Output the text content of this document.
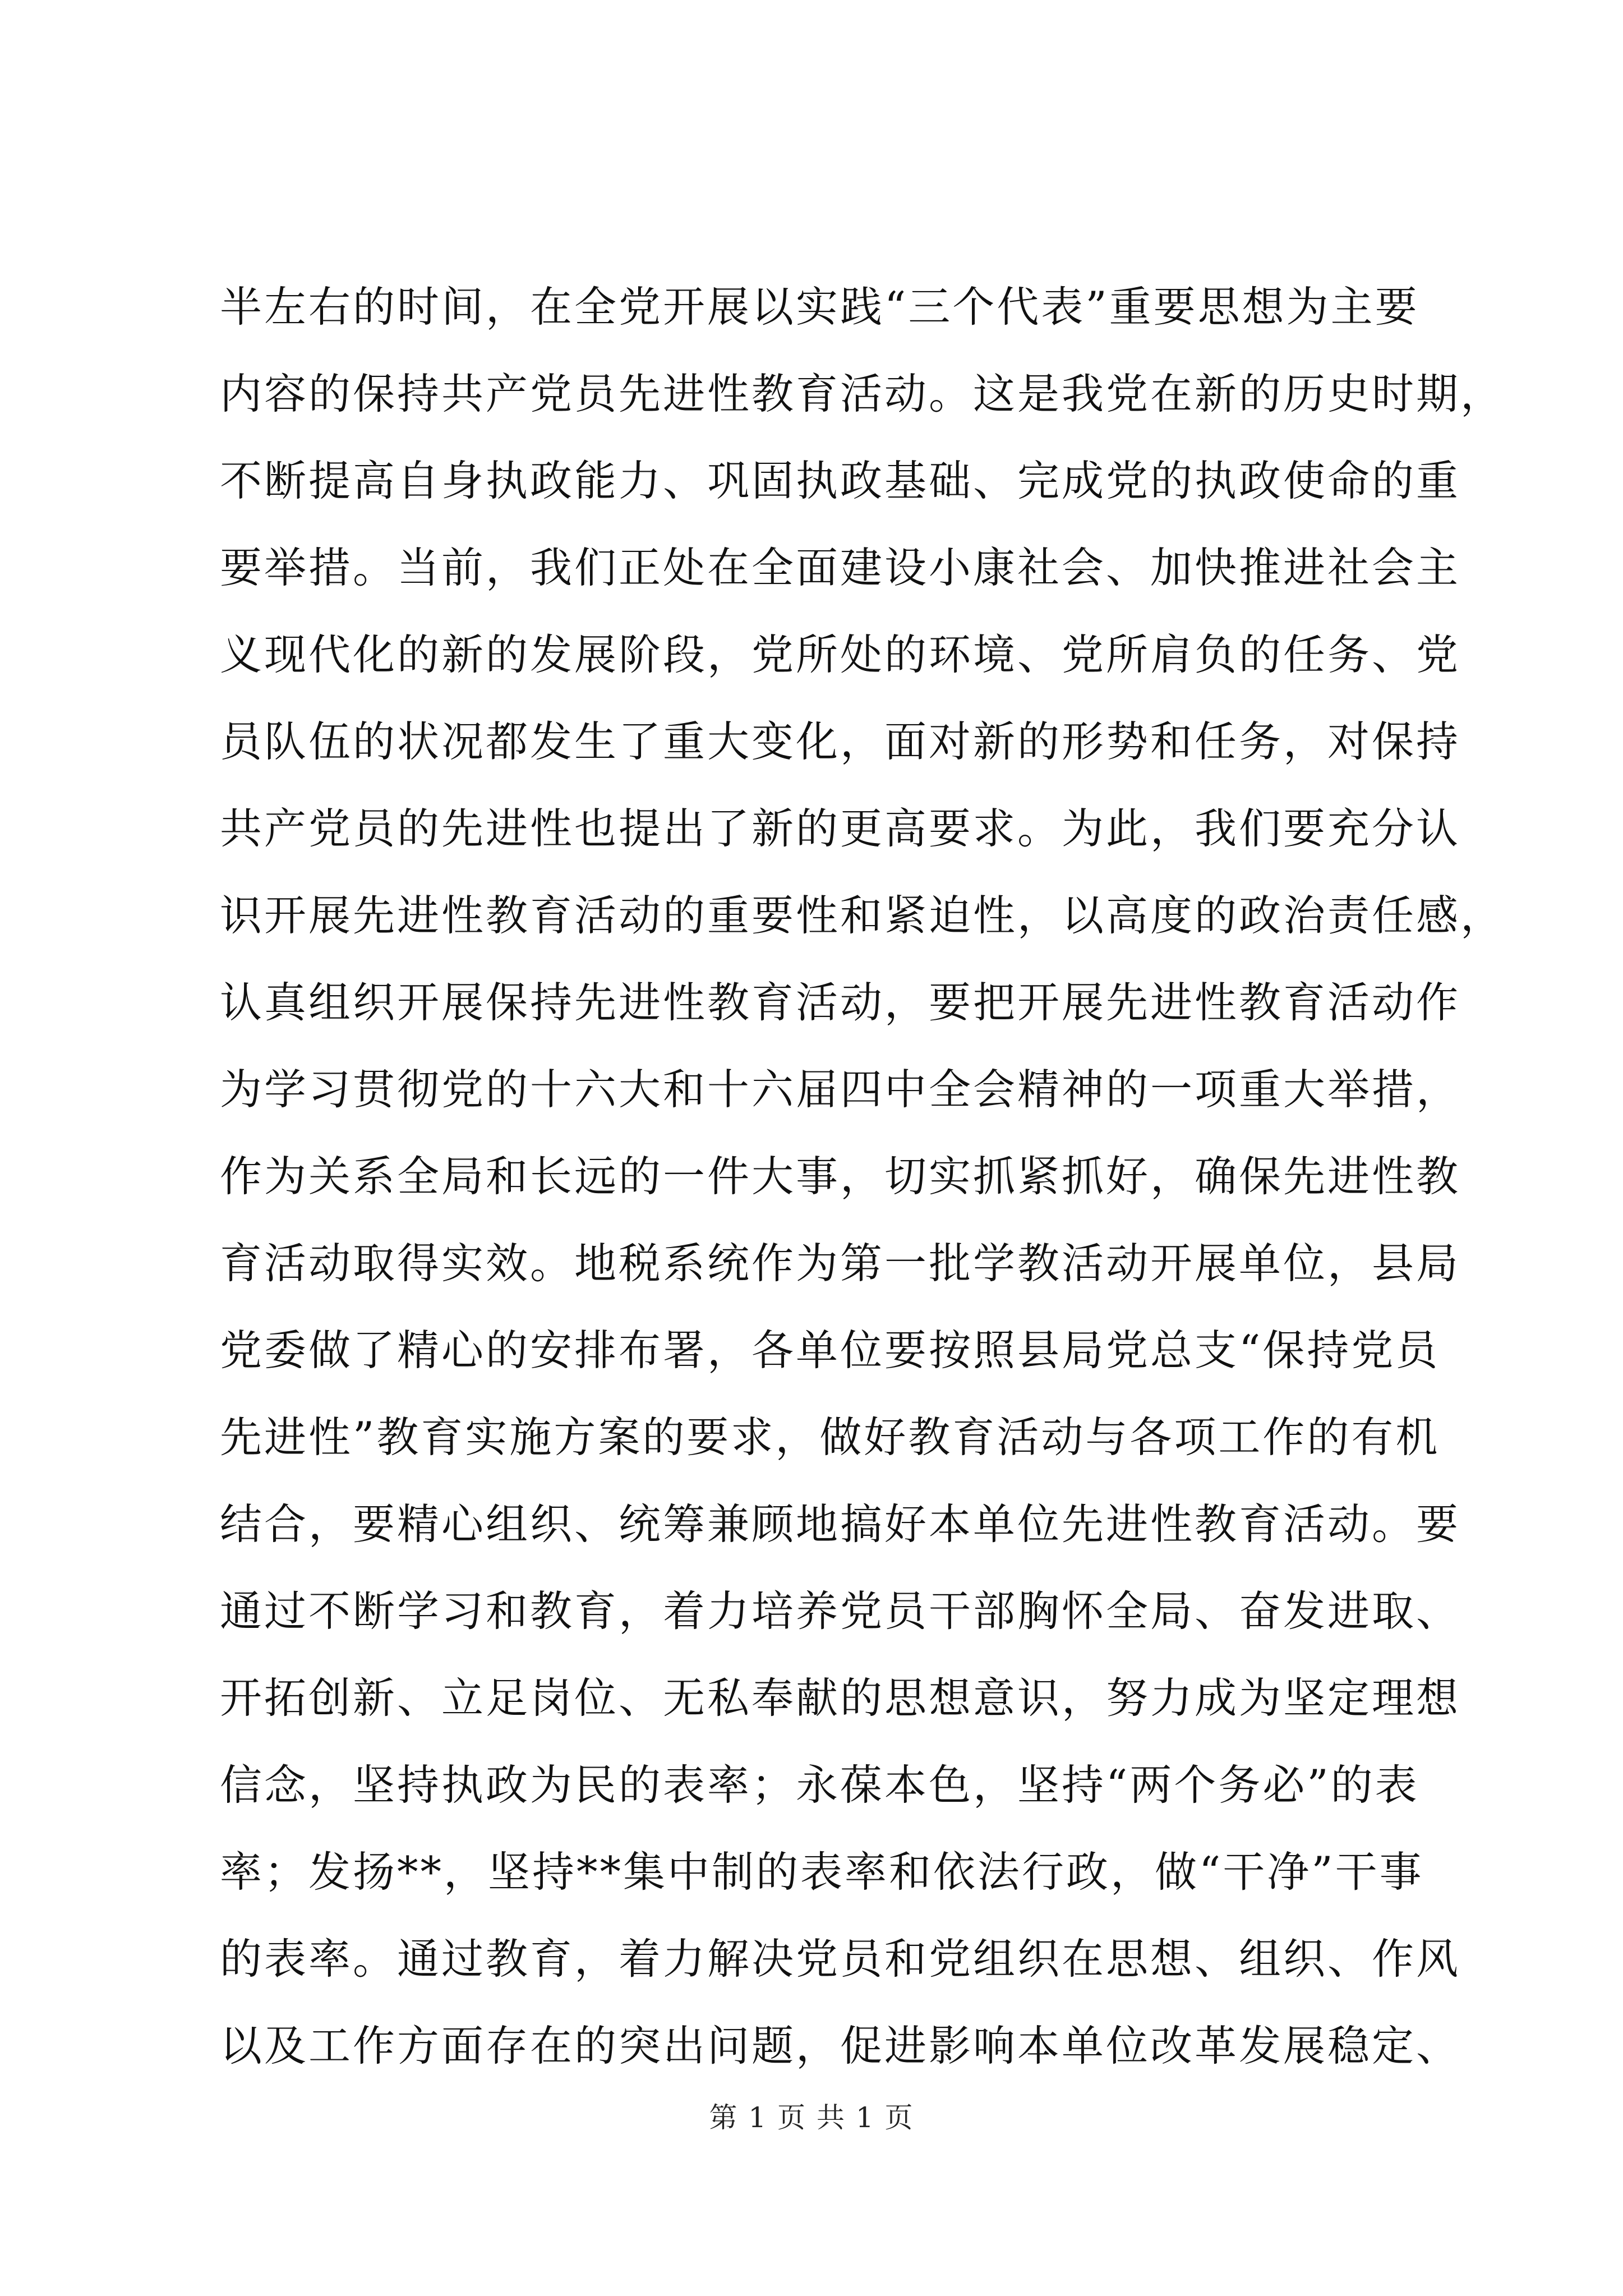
半左右的时间，在全党开展以实践“三个代表”重要思想为主要
内容的保持共产党员先进性教育活动。这是我党在新的历史时期，
不断提高自身执政能力、巩固执政基础、完成党的执政使命的重
要举措。当前，我们正处在全面建设小康社会、加快推进社会主
义现代化的新的发展阶段，党所处的环境、党所肩负的任务、党
员队伍的状况都发生了重大变化，面对新的形势和任务，对保持
共产党员的先进性也提出了新的更高要求。为此，我们要充分认
识开展先进性教育活动的重要性和紧迫性，以高度的政治责任感，
认真组织开展保持先进性教育活动，要把开展先进性教育活动作
为学习贯彻党的十六大和十六届四中全会精神的一项重大举措，
作为关系全局和长远的一件大事，切实抓紧抓好，确保先进性教
育活动取得实效。地税系统作为第一批学教活动开展单位，县局
党委做了精心的安排布署，各单位要按照县局党总支“保持党员
先进性”教育实施方案的要求，做好教育活动与各项工作的有机
结合，要精心组织、统筹兼顾地搞好本单位先进性教育活动。要
通过不断学习和教育，着力培养党员干部胸怀全局、奋发进取、
开拓创新、立足岗位、无私奉献的思想意识，努力成为坚定理想
信念，坚持执政为民的表率；永葆本色，坚持“两个务必”的表
率；发扬**，坚持**集中制的表率和依法行政，做“干净”干事
的表率。通过教育，着力解决党员和党组织在思想、组织、作风
以及工作方面存在的突出问题，促进影响本单位改革发展稳定、
第 1 页 共 1 页
